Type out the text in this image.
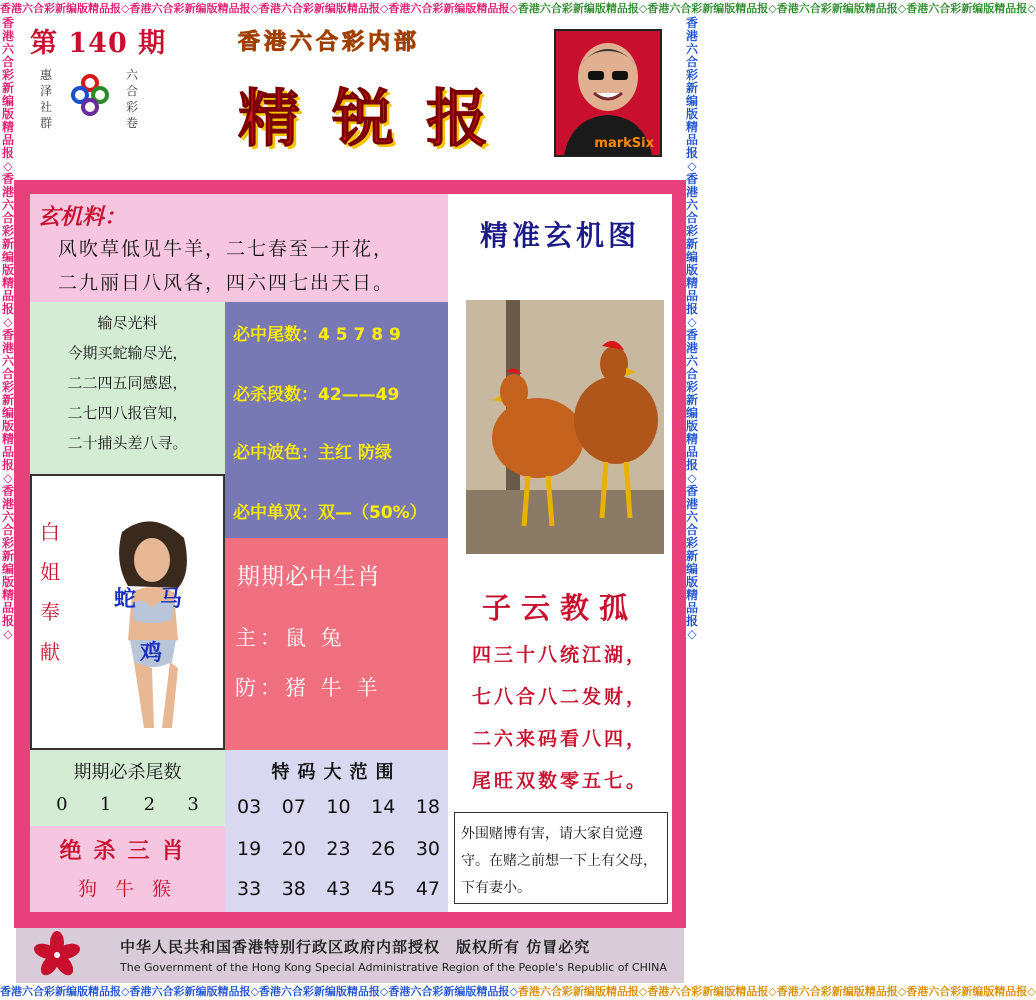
香港六合彩新编版精品报◇香港六合彩新编版精品报◇香港六合彩新编版精品报◇香港六合彩新编版精品报◇香港六合彩新编版精品报◇香港六合彩新编版精品报◇香港六合彩新编版精品报◇香港六合彩新编版精品报◇
香港六合彩新编版精品报◇香港六合彩新编版精品报◇香港六合彩新编版精品报◇香港六合彩新编版精品报◇香港六合彩新编版精品报◇香港六合彩新编版精品报◇香港六合彩新编版精品报◇香港六合彩新编版精品报◇
香港六合彩新编版精品报◇香港六合彩新编版精品报◇香港六合彩新编版精品报◇香港六合彩新编版精品报◇
香港六合彩新编版精品报◇香港六合彩新编版精品报◇香港六合彩新编版精品报◇香港六合彩新编版精品报◇
第 140 期
惠泽社群
六合彩卷
香港六合彩内部
精锐报	markSix
玄机料：
风吹草低见牛羊，二七春至一开花，
二九丽日八风各，四六四七出天日。
输尽光料
今期买蛇输尽光，
二二四五同感恩，
二七四八报官知，
二十捕头差八寻。
必中尾数：4 5 7 8 9
必杀段数：42——49
必中波色：主红 防绿
必中单双：双—（50%）
白姐奉献
蛇 马
鸡
期期必中生肖
主：鼠 兔
防：猪 牛 羊
期期必杀尾数
0 1 2 3
绝杀三肖
狗 牛 猴
特码大范围
03 07 10 14 18
19 20 23 26 30
33 38 43 45 47
精准玄机图
子云教孤
四三十八统江湖，
七八合八二发财，
二六来码看八四，
尾旺双数零五七。
外围赌博有害，请大家自觉遵守。在赌之前想一下上有父母，下有妻小。
中华人民共和国香港特别行政区政府内部授权　版权所有 仿冒必究
The Government of the Hong Kong Special Administrative Region of the People's Republic of CHINA
